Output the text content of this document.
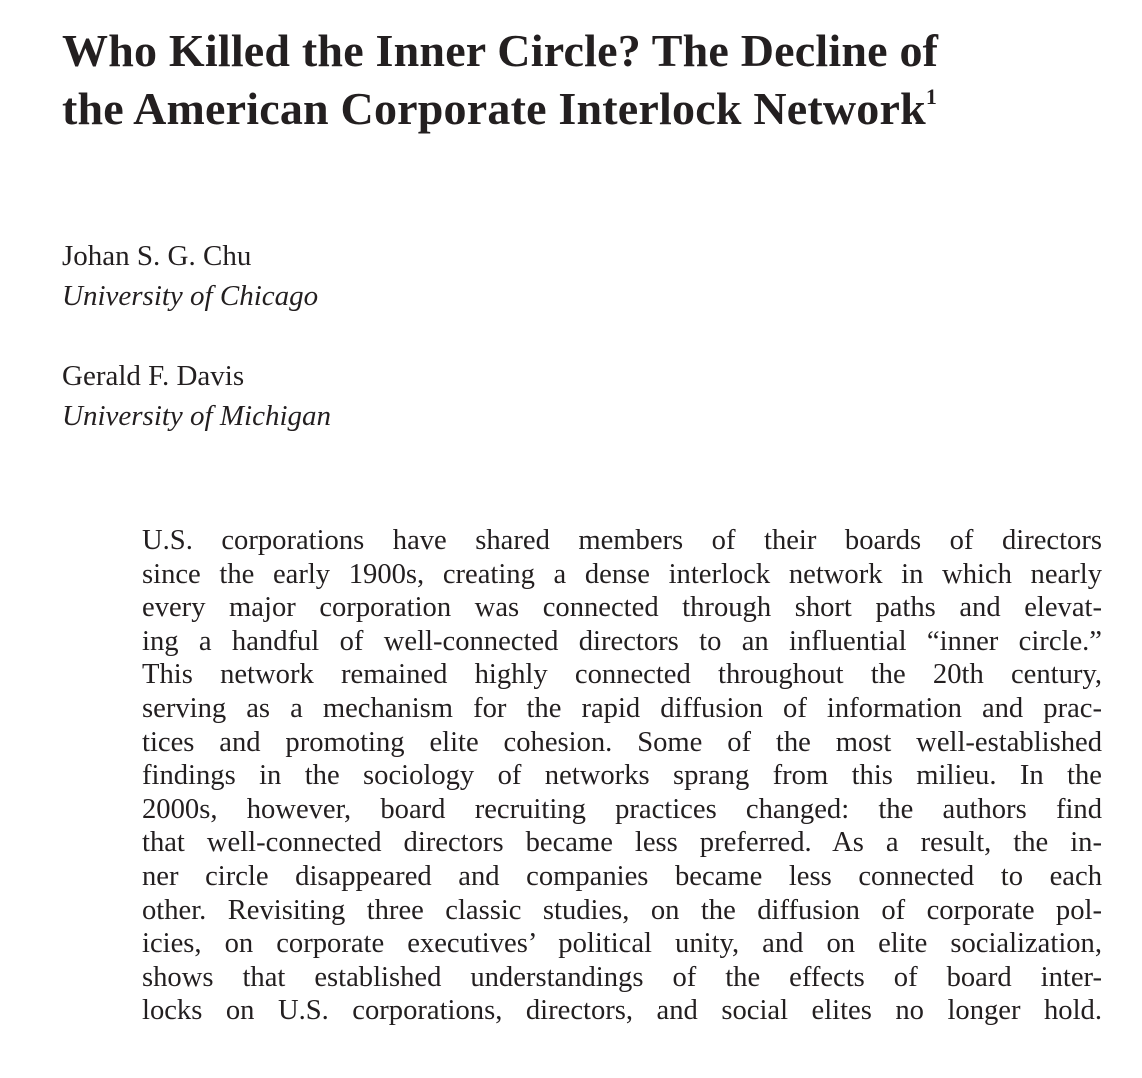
Who Killed the Inner Circle? The Decline of
the American Corporate Interlock Network$^1$
Johan S. G. Chu
University of Chicago
Gerald F. Davis
University of Michigan
U.S. corporations have shared members of their boards of directors
since the early 1900s, creating a dense interlock network in which nearly
every major corporation was connected through short paths and elevat-
ing a handful of well-connected directors to an influential “inner circle.”
This network remained highly connected throughout the 20th century,
serving as a mechanism for the rapid diffusion of information and prac-
tices and promoting elite cohesion. Some of the most well-established
findings in the sociology of networks sprang from this milieu. In the
2000s, however, board recruiting practices changed: the authors find
that well-connected directors became less preferred. As a result, the in-
ner circle disappeared and companies became less connected to each
other. Revisiting three classic studies, on the diffusion of corporate pol-
icies, on corporate executives’ political unity, and on elite socialization,
shows that established understandings of the effects of board inter-
locks on U.S. corporations, directors, and social elites no longer hold.
